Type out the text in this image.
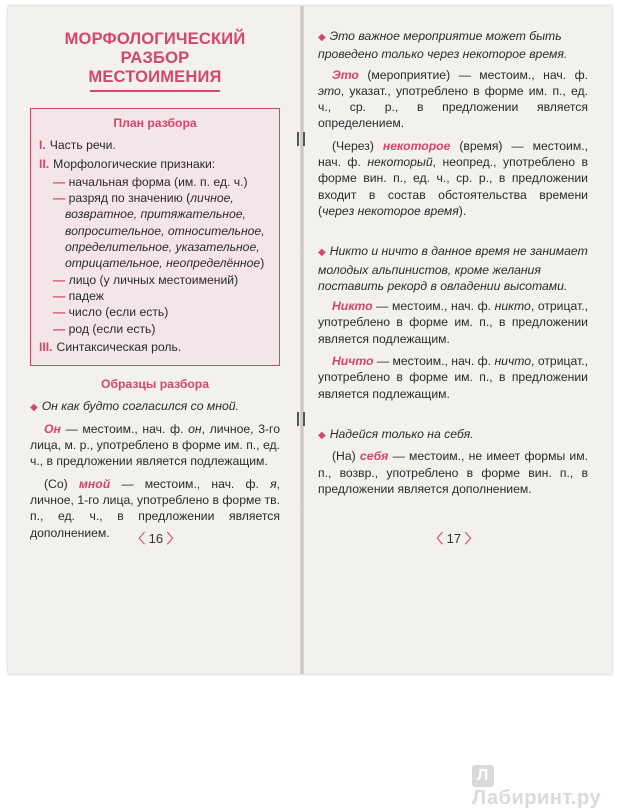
МОРФОЛОГИЧЕСКИЙ РАЗБОР
МЕСТОИМЕНИЯ
План разбора
I. Часть речи.
II. Морфологические признаки:
— начальная форма (им. п. ед. ч.)
— разряд по значению (личное, возвратное, притяжательное, вопросительное, относительное, определительное, указательное, отрицательное, неопределённое)
— лицо (у личных местоимений)
— падеж
— число (если есть)
— род (если есть)
III. Синтаксическая роль.
Образцы разбора
◆ Он как будто согласился со мной.
Он — местоим., нач. ф. он, личное, 3-го лица, м. р., употреблено в форме им. п., ед. ч., в предложении является подлежащим.
(Со) мной — местоим., нач. ф. я, личное, 1-го лица, употреблено в форме тв. п., ед. ч., в предложении является дополнением.	〈 16 〉
◆ Это важное мероприятие может быть проведено только через некоторое время.
Это (мероприятие) — местоим., нач. ф. это, указат., употреблено в форме им. п., ед. ч., ср. р., в предложении является определением.
(Через) некоторое (время) — местоим., нач. ф. некоторый, неопред., употреблено в форме вин. п., ед. ч., ср. р., в предложении входит в состав обстоятельства времени (через некоторое время).
◆ Никто и ничто в данное время не занимает молодых альпинистов, кроме желания поставить рекорд в овладении высотами.
Никто — местоим., нач. ф. никто, отрицат., употреблено в форме им. п., в предложении является подлежащим.
Ничто — местоим., нач. ф. ничто, отрицат., употреблено в форме им. п., в предложении является подлежащим.
◆ Надейся только на себя.
(На) себя — местоим., не имеет формы им. п., возвр., употреблено в форме вин. п., в предложении является дополнением.
〈 17 〉
ЛЛабиринт.ру
